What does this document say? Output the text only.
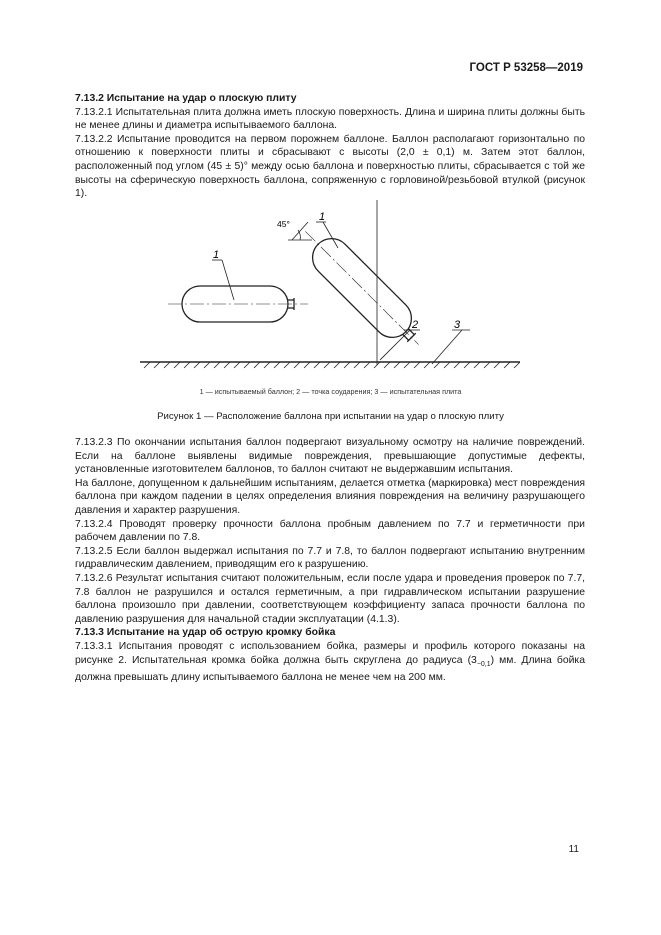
ГОСТ Р 53258—2019

7.13.2 Испытание на удар о плоскую плиту

7.13.2.1 Испытательная плита должна иметь плоскую поверхность. Длина и ширина плиты должны быть не менее длины и диаметра испытываемого баллона.

7.13.2.2 Испытание проводится на первом порожнем баллоне. Баллон располагают горизонтально по отношению к поверхности плиты и сбрасывают с высоты (2,0 ± 0,1) м. Затем этот баллон, расположенный под углом (45 ± 5)° между осью баллона и поверхностью плиты, сбрасывается с той же высоты на сферическую поверхность баллона, сопряженную с горловиной/резьбовой втулкой (рисунок 1).

1
45°
1
2	3
1 — испытываемый баллон; 2 — точка соударения; 3 — испытательная плита
Рисунок 1 — Расположение баллона при испытании на удар о плоскую плиту

7.13.2.3 По окончании испытания баллон подвергают визуальному осмотру на наличие повреждений. Если на баллоне выявлены видимые повреждения, превышающие допустимые дефекты, установленные изготовителем баллонов, то баллон считают не выдержавшим испытания.

На баллоне, допущенном к дальнейшим испытаниям, делается отметка (маркировка) мест повреждения баллона при каждом падении в целях определения влияния повреждения на величину разрушающего давления и характер разрушения.

7.13.2.4 Проводят проверку прочности баллона пробным давлением по 7.7 и герметичности при рабочем давлении по 7.8.

7.13.2.5 Если баллон выдержал испытания по 7.7 и 7.8, то баллон подвергают испытанию внутренним гидравлическим давлением, приводящим его к разрушению.

7.13.2.6 Результат испытания считают положительным, если после удара и проведения проверок по 7.7, 7.8 баллон не разрушился и остался герметичным, а при гидравлическом испытании разрушение баллона произошло при давлении, соответствующем коэффициенту запаса прочности баллона по давлению разрушения для начальной стадии эксплуатации (4.1.3).

7.13.3 Испытание на удар об острую кромку бойка

7.13.3.1 Испытания проводят с использованием бойка, размеры и профиль которого показаны на рисунке 2. Испытательная кромка бойка должна быть скруглена до радиуса $(3_{-0,1})$ мм. Длина бойка должна превышать длину испытываемого баллона не менее чем на 200 мм.

11
